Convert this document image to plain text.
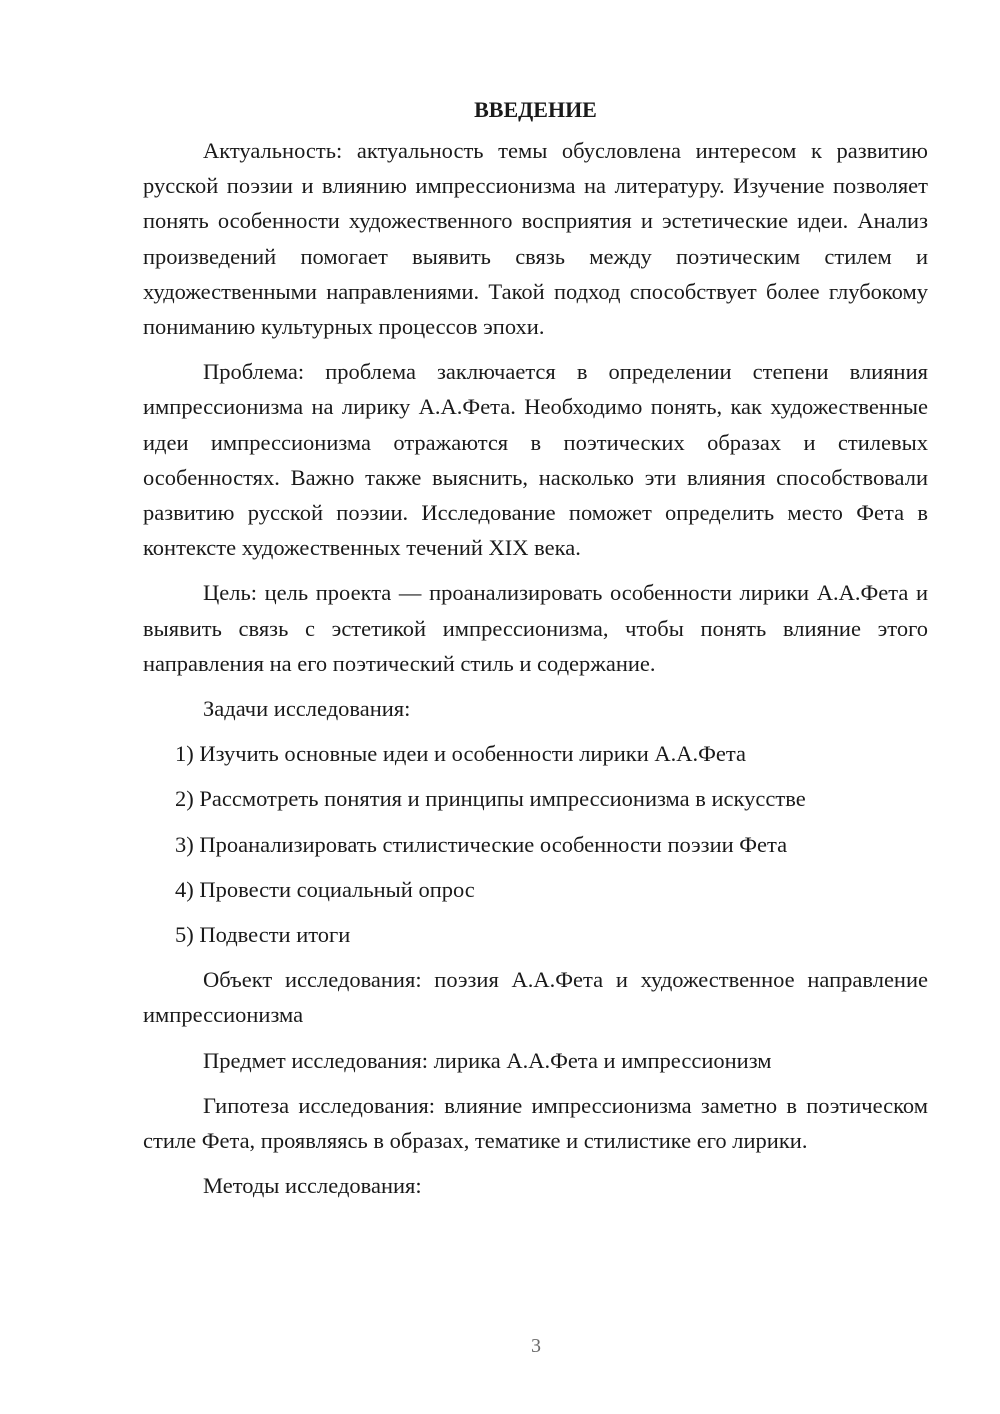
ВВЕДЕНИЕ

Актуальность: актуальность темы обусловлена интересом к развитию русской поэзии и влиянию импрессионизма на литературу. Изучение позволяет понять особенности художественного восприятия и эстетические идеи. Анализ произведений помогает выявить связь между поэтическим стилем и художественными направлениями. Такой подход способствует более глубокому пониманию культурных процессов эпохи.

Проблема: проблема заключается в определении степени влияния импрессионизма на лирику А.А.Фета. Необходимо понять, как художественные идеи импрессионизма отражаются в поэтических образах и стилевых особенностях. Важно также выяснить, насколько эти влияния способствовали развитию русской поэзии. Исследование поможет определить место Фета в контексте художественных течений XIX века.

Цель: цель проекта — проанализировать особенности лирики А.А.Фета и выявить связь с эстетикой импрессионизма, чтобы понять влияние этого направления на его поэтический стиль и содержание.

Задачи исследования:

1) Изучить основные идеи и особенности лирики А.А.Фета

2) Рассмотреть понятия и принципы импрессионизма в искусстве

3) Проанализировать стилистические особенности поэзии Фета

4) Провести социальный опрос

5) Подвести итоги

Объект исследования: поэзия А.А.Фета и художественное направление импрессионизма

Предмет исследования: лирика А.А.Фета и импрессионизм

Гипотеза исследования: влияние импрессионизма заметно в поэтическом стиле Фета, проявляясь в образах, тематике и стилистике его лирики.

Методы исследования:

3
